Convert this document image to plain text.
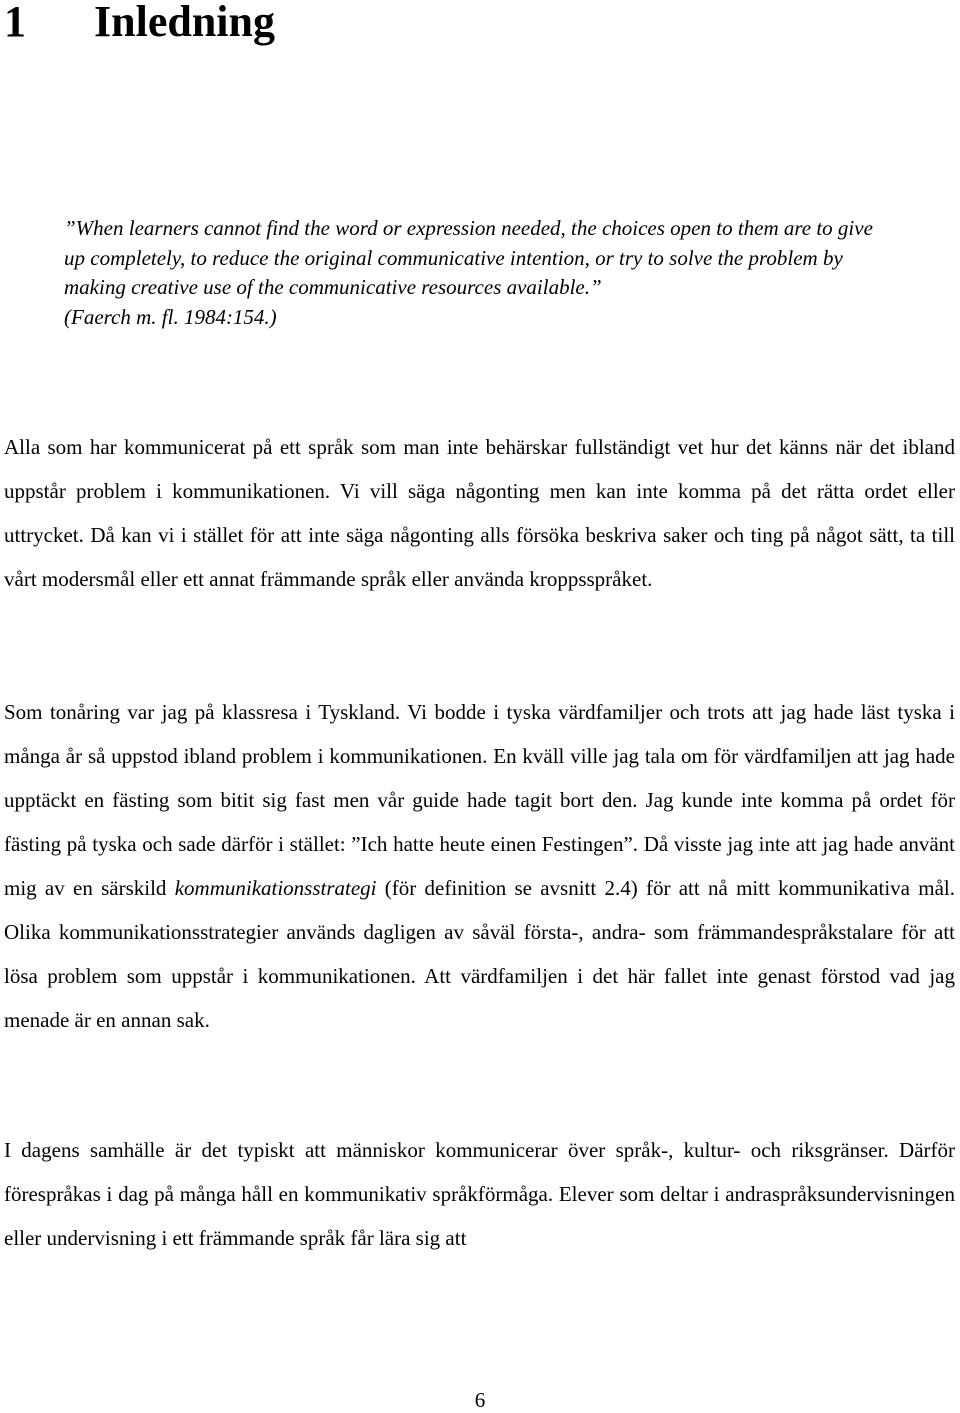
1 Inledning
”When learners cannot find the word or expression needed, the choices open to them are to give up completely, to reduce the original communicative intention, or try to solve the problem by making creative use of the communicative resources available.”
(Faerch m. fl. 1984:154.)

Alla som har kommunicerat på ett språk som man inte behärskar fullständigt vet hur det känns när det ibland uppstår problem i kommunikationen. Vi vill säga någonting men kan inte komma på det rätta ordet eller uttrycket. Då kan vi i stället för att inte säga någonting alls försöka beskriva saker och ting på något sätt, ta till vårt modersmål eller ett annat främmande språk eller använda kroppsspråket.

Som tonåring var jag på klassresa i Tyskland. Vi bodde i tyska värdfamiljer och trots att jag hade läst tyska i många år så uppstod ibland problem i kommunikationen. En kväll ville jag tala om för värdfamiljen att jag hade upptäckt en fästing som bitit sig fast men vår guide hade tagit bort den. Jag kunde inte komma på ordet för fästing på tyska och sade därför i stället: ”Ich hatte heute einen Festingen”. Då visste jag inte att jag hade använt mig av en särskild kommunikationsstrategi (för definition se avsnitt 2.4) för att nå mitt kommunikativa mål. Olika kommunikationsstrategier används dagligen av såväl första-, andra- som främmandespråkstalare för att lösa problem som uppstår i kommunikationen. Att värdfamiljen i det här fallet inte genast förstod vad jag menade är en annan sak.

I dagens samhälle är det typiskt att människor kommunicerar över språk-, kultur- och riksgränser. Därför förespråkas i dag på många håll en kommunikativ språkförmåga. Elever som deltar i andraspråksundervisningen eller undervisning i ett främmande språk får lära sig att

6
